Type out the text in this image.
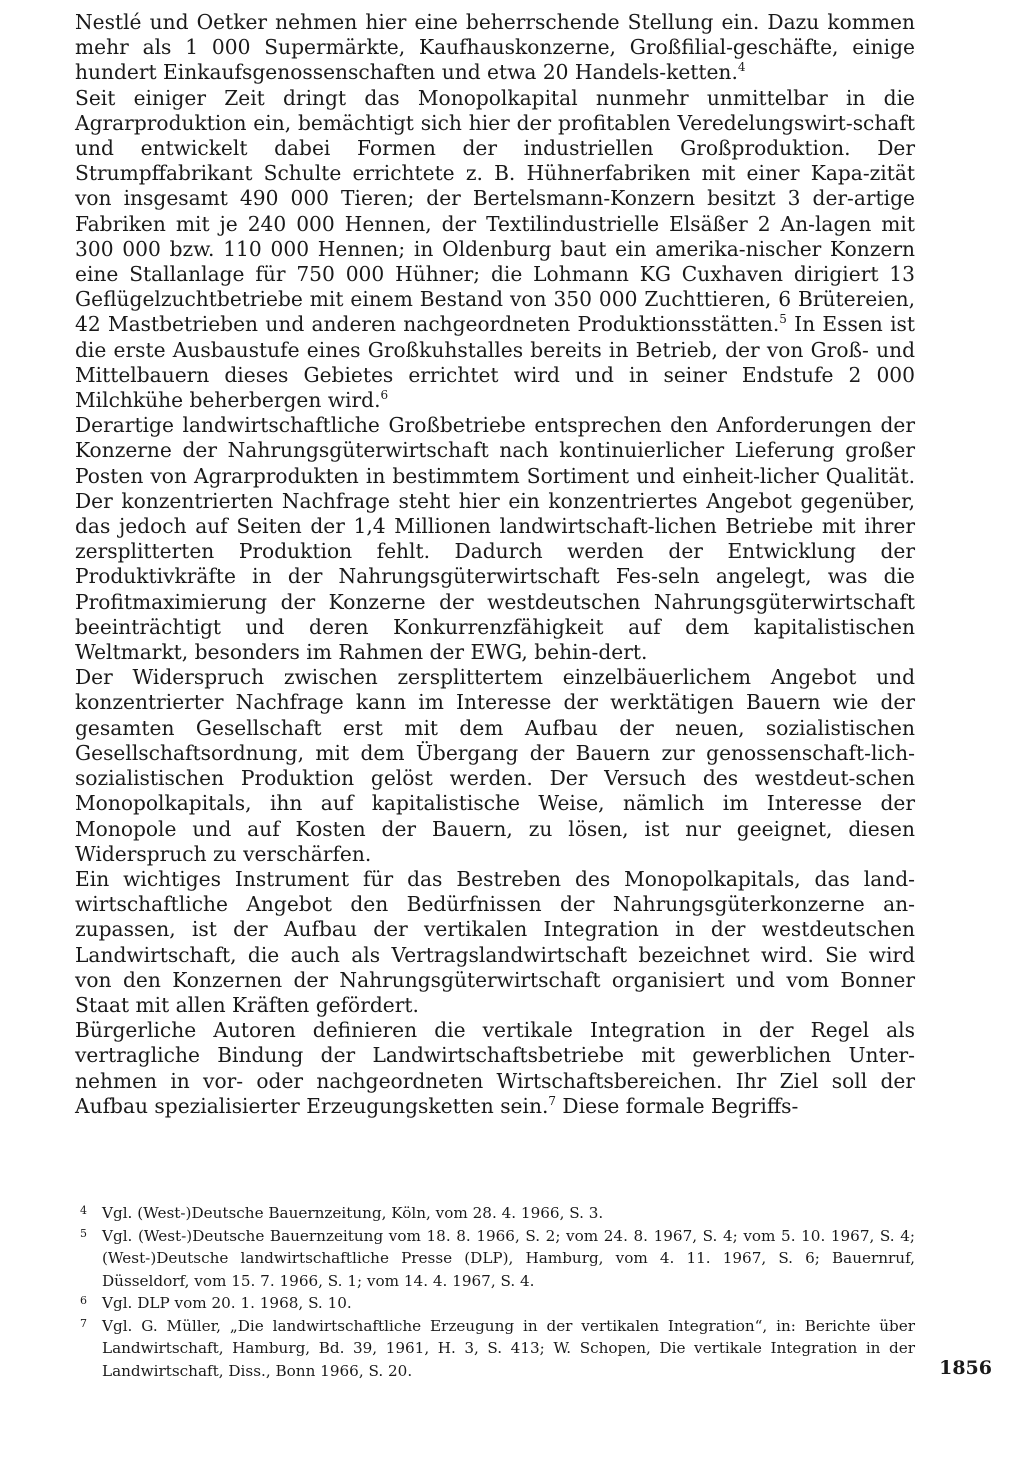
Nestlé und Oetker nehmen hier eine beherrschende Stellung ein. Dazu kommen mehr als 1 000 Supermärkte, Kaufhauskonzerne, Großfilial-geschäfte, einige hundert Einkaufsgenossenschaften und etwa 20 Handels-ketten.$^4$

Seit einiger Zeit dringt das Monopolkapital nunmehr unmittelbar in die Agrarproduktion ein, bemächtigt sich hier der profitablen Veredelungswirt-schaft und entwickelt dabei Formen der industriellen Großproduktion. Der Strumpffabrikant Schulte errichtete z. B. Hühnerfabriken mit einer Kapa-zität von insgesamt 490 000 Tieren; der Bertelsmann-Konzern besitzt 3 der-artige Fabriken mit je 240 000 Hennen, der Textilindustrielle Elsäßer 2 An-lagen mit 300 000 bzw. 110 000 Hennen; in Oldenburg baut ein amerika-nischer Konzern eine Stallanlage für 750 000 Hühner; die Lohmann KG Cuxhaven dirigiert 13 Geflügelzuchtbetriebe mit einem Bestand von 350 000 Zuchttieren, 6 Brütereien, 42 Mastbetrieben und anderen nachgeordneten Produktionsstätten.$^5$ In Essen ist die erste Ausbaustufe eines Großkuhstalles bereits in Betrieb, der von Groß- und Mittelbauern dieses Gebietes errichtet wird und in seiner Endstufe 2 000 Milchkühe beherbergen wird.$^6$

Derartige landwirtschaftliche Großbetriebe entsprechen den Anforderungen der Konzerne der Nahrungsgüterwirtschaft nach kontinuierlicher Lieferung großer Posten von Agrarprodukten in bestimmtem Sortiment und einheit-licher Qualität. Der konzentrierten Nachfrage steht hier ein konzentriertes Angebot gegenüber, das jedoch auf Seiten der 1,4 Millionen landwirtschaft-lichen Betriebe mit ihrer zersplitterten Produktion fehlt. Dadurch werden der Entwicklung der Produktivkräfte in der Nahrungsgüterwirtschaft Fes-seln angelegt, was die Profitmaximierung der Konzerne der westdeutschen Nahrungsgüterwirtschaft beeinträchtigt und deren Konkurrenzfähigkeit auf dem kapitalistischen Weltmarkt, besonders im Rahmen der EWG, behin-dert.

Der Widerspruch zwischen zersplittertem einzelbäuerlichem Angebot und konzentrierter Nachfrage kann im Interesse der werktätigen Bauern wie der gesamten Gesellschaft erst mit dem Aufbau der neuen, sozialistischen Gesellschaftsordnung, mit dem Übergang der Bauern zur genossenschaft-lich-sozialistischen Produktion gelöst werden. Der Versuch des westdeut-schen Monopolkapitals, ihn auf kapitalistische Weise, nämlich im Interesse der Monopole und auf Kosten der Bauern, zu lösen, ist nur geeignet, diesen Widerspruch zu verschärfen.

Ein wichtiges Instrument für das Bestreben des Monopolkapitals, das land-wirtschaftliche Angebot den Bedürfnissen der Nahrungsgüterkonzerne an-zupassen, ist der Aufbau der vertikalen Integration in der westdeutschen Landwirtschaft, die auch als Vertragslandwirtschaft bezeichnet wird. Sie wird von den Konzernen der Nahrungsgüterwirtschaft organisiert und vom Bonner Staat mit allen Kräften gefördert.

Bürgerliche Autoren definieren die vertikale Integration in der Regel als vertragliche Bindung der Landwirtschaftsbetriebe mit gewerblichen Unter-nehmen in vor- oder nachgeordneten Wirtschaftsbereichen. Ihr Ziel soll der Aufbau spezialisierter Erzeugungsketten sein.$^7$ Diese formale Begriffs-

4 Vgl. (West-)Deutsche Bauernzeitung, Köln, vom 28. 4. 1966, S. 3.
5 Vgl. (West-)Deutsche Bauernzeitung vom 18. 8. 1966, S. 2; vom 24. 8. 1967, S. 4; vom 5. 10. 1967, S. 4; (West-)Deutsche landwirtschaftliche Presse (DLP), Hamburg, vom 4. 11. 1967, S. 6; Bauernruf, Düsseldorf, vom 15. 7. 1966, S. 1; vom 14. 4. 1967, S. 4.
6 Vgl. DLP vom 20. 1. 1968, S. 10.
7 Vgl. G. Müller, „Die landwirtschaftliche Erzeugung in der vertikalen Integration“, in: Berichte über Landwirtschaft, Hamburg, Bd. 39, 1961, H. 3, S. 413; W. Schopen, Die vertikale Integration in der Landwirtschaft, Diss., Bonn 1966, S. 20.	1856
